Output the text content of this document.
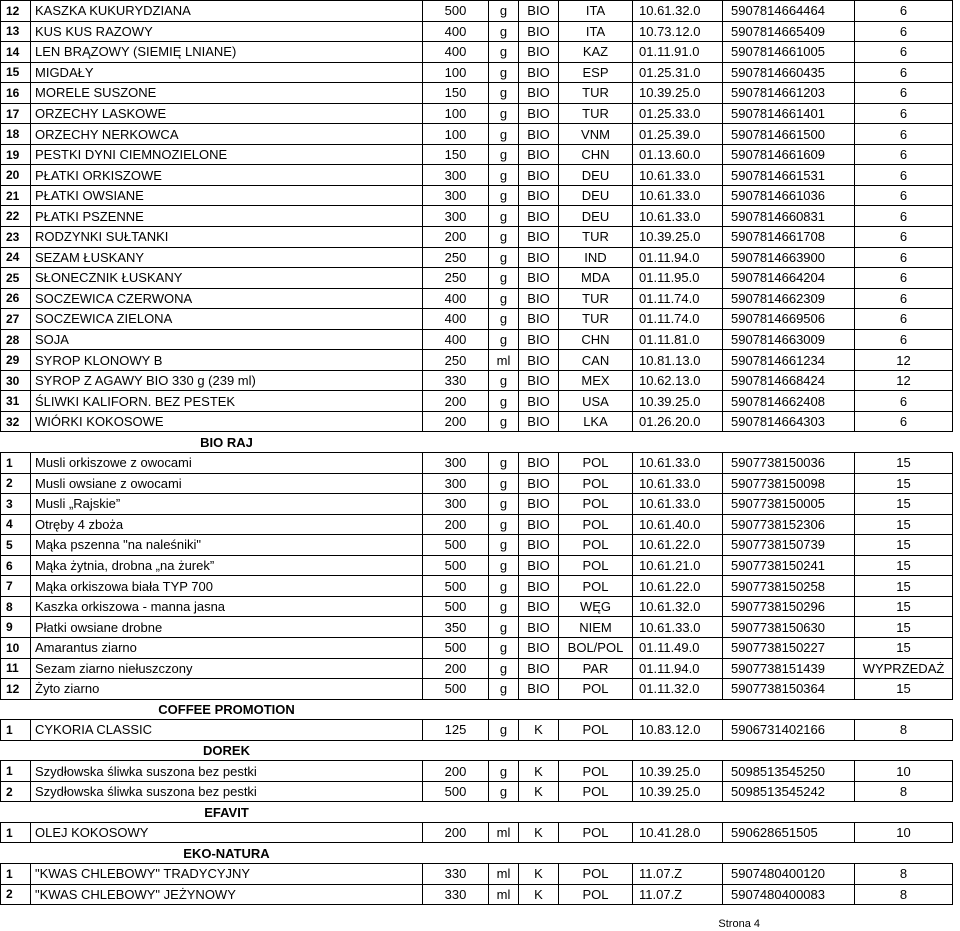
12	KASZKA KUKURYDZIANA	500	g	BIO	ITA	10.61.32.0	5907814664464	6
13	KUS KUS RAZOWY	400	g	BIO	ITA	10.73.12.0	5907814665409	6
14	LEN BRĄZOWY (SIEMIĘ LNIANE)	400	g	BIO	KAZ	01.11.91.0	5907814661005	6
15	MIGDAŁY	100	g	BIO	ESP	01.25.31.0	5907814660435	6
16	MORELE SUSZONE	150	g	BIO	TUR	10.39.25.0	5907814661203	6
17	ORZECHY LASKOWE	100	g	BIO	TUR	01.25.33.0	5907814661401	6
18	ORZECHY NERKOWCA	100	g	BIO	VNM	01.25.39.0	5907814661500	6
19	PESTKI DYNI CIEMNOZIELONE	150	g	BIO	CHN	01.13.60.0	5907814661609	6
20	PŁATKI ORKISZOWE	300	g	BIO	DEU	10.61.33.0	5907814661531	6
21	PŁATKI OWSIANE	300	g	BIO	DEU	10.61.33.0	5907814661036	6
22	PŁATKI PSZENNE	300	g	BIO	DEU	10.61.33.0	5907814660831	6
23	RODZYNKI SUŁTANKI	200	g	BIO	TUR	10.39.25.0	5907814661708	6
24	SEZAM ŁUSKANY	250	g	BIO	IND	01.11.94.0	5907814663900	6
25	SŁONECZNIK ŁUSKANY	250	g	BIO	MDA	01.11.95.0	5907814664204	6
26	SOCZEWICA CZERWONA	400	g	BIO	TUR	01.11.74.0	5907814662309	6
27	SOCZEWICA ZIELONA	400	g	BIO	TUR	01.11.74.0	5907814669506	6
28	SOJA	400	g	BIO	CHN	01.11.81.0	5907814663009	6
29	SYROP KLONOWY B	250	ml	BIO	CAN	10.81.13.0	5907814661234	12
30	SYROP Z AGAWY BIO 330 g (239 ml)	330	g	BIO	MEX	10.62.13.0	5907814668424	12
31	ŚLIWKI KALIFORN. BEZ PESTEK	200	g	BIO	USA	10.39.25.0	5907814662408	6
32	WIÓRKI KOKOSOWE	200	g	BIO	LKA	01.26.20.0	5907814664303	6
	BIO RAJ							
1	Musli orkiszowe z owocami	300	g	BIO	POL	10.61.33.0	5907738150036	15
2	Musli owsiane z owocami	300	g	BIO	POL	10.61.33.0	5907738150098	15
3	Musli „Rajskie”	300	g	BIO	POL	10.61.33.0	5907738150005	15
4	Otręby 4 zboża	200	g	BIO	POL	10.61.40.0	5907738152306	15
5	Mąka pszenna "na naleśniki"	500	g	BIO	POL	10.61.22.0	5907738150739	15
6	Mąka żytnia, drobna „na żurek”	500	g	BIO	POL	10.61.21.0	5907738150241	15
7	Mąka orkiszowa biała TYP 700	500	g	BIO	POL	10.61.22.0	5907738150258	15
8	Kaszka orkiszowa - manna jasna	500	g	BIO	WĘG	10.61.32.0	5907738150296	15
9	Płatki owsiane drobne	350	g	BIO	NIEM	10.61.33.0	5907738150630	15
10	Amarantus ziarno	500	g	BIO	BOL/POL	01.11.49.0	5907738150227	15
11	Sezam ziarno niełuszczony	200	g	BIO	PAR	01.11.94.0	5907738151439	WYPRZEDAŻ
12	Żyto ziarno	500	g	BIO	POL	01.11.32.0	5907738150364	15
	COFFEE PROMOTION							
1	CYKORIA CLASSIC	125	g	K	POL	10.83.12.0	5906731402166	8
	DOREK							
1	Szydłowska śliwka suszona bez pestki	200	g	K	POL	10.39.25.0	5098513545250	10
2	Szydłowska śliwka suszona bez pestki	500	g	K	POL	10.39.25.0	5098513545242	8
	EFAVIT							
1	OLEJ KOKOSOWY	200	ml	K	POL	10.41.28.0	590628651505	10
	EKO-NATURA							
1	"KWAS CHLEBOWY" TRADYCYJNY	330	ml	K	POL	11.07.Z	5907480400120	8
2	"KWAS CHLEBOWY" JEŻYNOWY	330	ml	K	POL	11.07.Z	5907480400083	8
Strona 4
